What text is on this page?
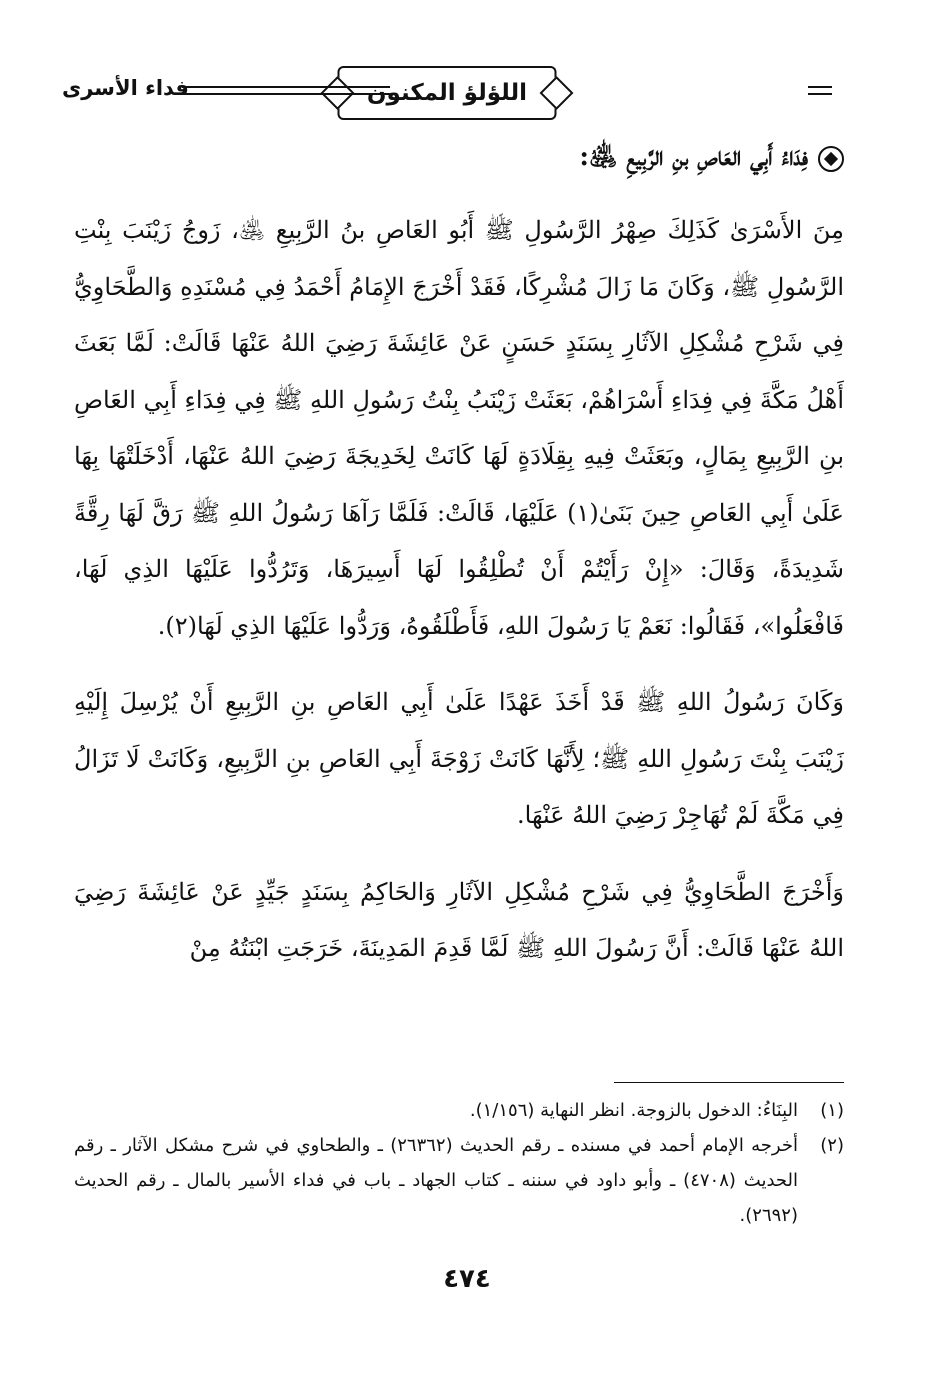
اللؤلؤ المكنون
فداء الأسرى
فِدَاءُ أَبِي العَاصِ بنِ الرَّبِيعِ ﵁:

مِنَ الأَسْرَىٰ كَذَلِكَ صِهْرُ الرَّسُولِ ﷺ أَبُو العَاصِ بنُ الرَّبِيعِ ﵁، زَوجُ زَيْنَبَ بِنْتِ الرَّسُولِ ﷺ، وَكَانَ مَا زَالَ مُشْرِكًا، فَقَدْ أَخْرَجَ الإِمَامُ أَحْمَدُ فِي مُسْنَدِهِ وَالطَّحَاوِيُّ فِي شَرْحِ مُشْكِلِ الآثَارِ بِسَنَدٍ حَسَنٍ عَنْ عَائِشَةَ رَضِيَ اللهُ عَنْهَا قَالَتْ: لَمَّا بَعَثَ أَهْلُ مَكَّةَ فِي فِدَاءِ أَسْرَاهُمْ، بَعَثَتْ زَيْنَبُ بِنْتُ رَسُولِ اللهِ ﷺ فِي فِدَاءِ أَبِي العَاصِ بنِ الرَّبِيعِ بِمَالٍ، وبَعَثَتْ فِيهِ بِقِلَادَةٍ لَهَا كَانَتْ لِخَدِيجَةَ رَضِيَ اللهُ عَنْهَا، أَدْخَلَتْهَا بِهَا عَلَىٰ أَبِي العَاصِ حِينَ بَنَىٰ(١) عَلَيْهَا، قَالَتْ: فَلَمَّا رَآهَا رَسُولُ اللهِ ﷺ رَقَّ لَهَا رِقَّةً شَدِيدَةً، وَقَالَ: «إِنْ رَأَيْتُمْ أَنْ تُطْلِقُوا لَهَا أَسِيرَهَا، وَتَرُدُّوا عَلَيْهَا الذِي لَهَا، فَافْعَلُوا»، فَقَالُوا: نَعَمْ يَا رَسُولَ اللهِ، فَأَطْلَقُوهُ، وَرَدُّوا عَلَيْهَا الذِي لَهَا(٢).

وَكَانَ رَسُولُ اللهِ ﷺ قَدْ أَخَذَ عَهْدًا عَلَىٰ أَبِي العَاصِ بنِ الرَّبِيعِ أَنْ يُرْسِلَ إِلَيْهِ زَيْنَبَ بِنْتَ رَسُولِ اللهِ ﷺ؛ لِأَنَّهَا كَانَتْ زَوْجَةَ أَبِي العَاصِ بنِ الرَّبِيعِ، وَكَانَتْ لَا تَزَالُ فِي مَكَّةَ لَمْ تُهَاجِرْ رَضِيَ اللهُ عَنْهَا.

وَأَخْرَجَ الطَّحَاوِيُّ فِي شَرْحِ مُشْكِلِ الآثَارِ وَالحَاكِمُ بِسَنَدٍ جَيِّدٍ عَنْ عَائِشَةَ رَضِيَ اللهُ عَنْهَا قَالَتْ: أَنَّ رَسُولَ اللهِ ﷺ لَمَّا قَدِمَ المَدِينَةَ، خَرَجَتِ ابْنَتُهُ مِنْ

(١)
البِنَاءُ: الدخول بالزوجة. انظر النهاية (١/١٥٦).
(٢)
أخرجه الإمام أحمد في مسنده ـ رقم الحديث (٢٦٣٦٢) ـ والطحاوي في شرح مشكل الآثار ـ رقم الحديث (٤٧٠٨) ـ وأبو داود في سننه ـ كتاب الجهاد ـ باب في فداء الأسير بالمال ـ رقم الحديث (٢٦٩٢).
٤٧٤
